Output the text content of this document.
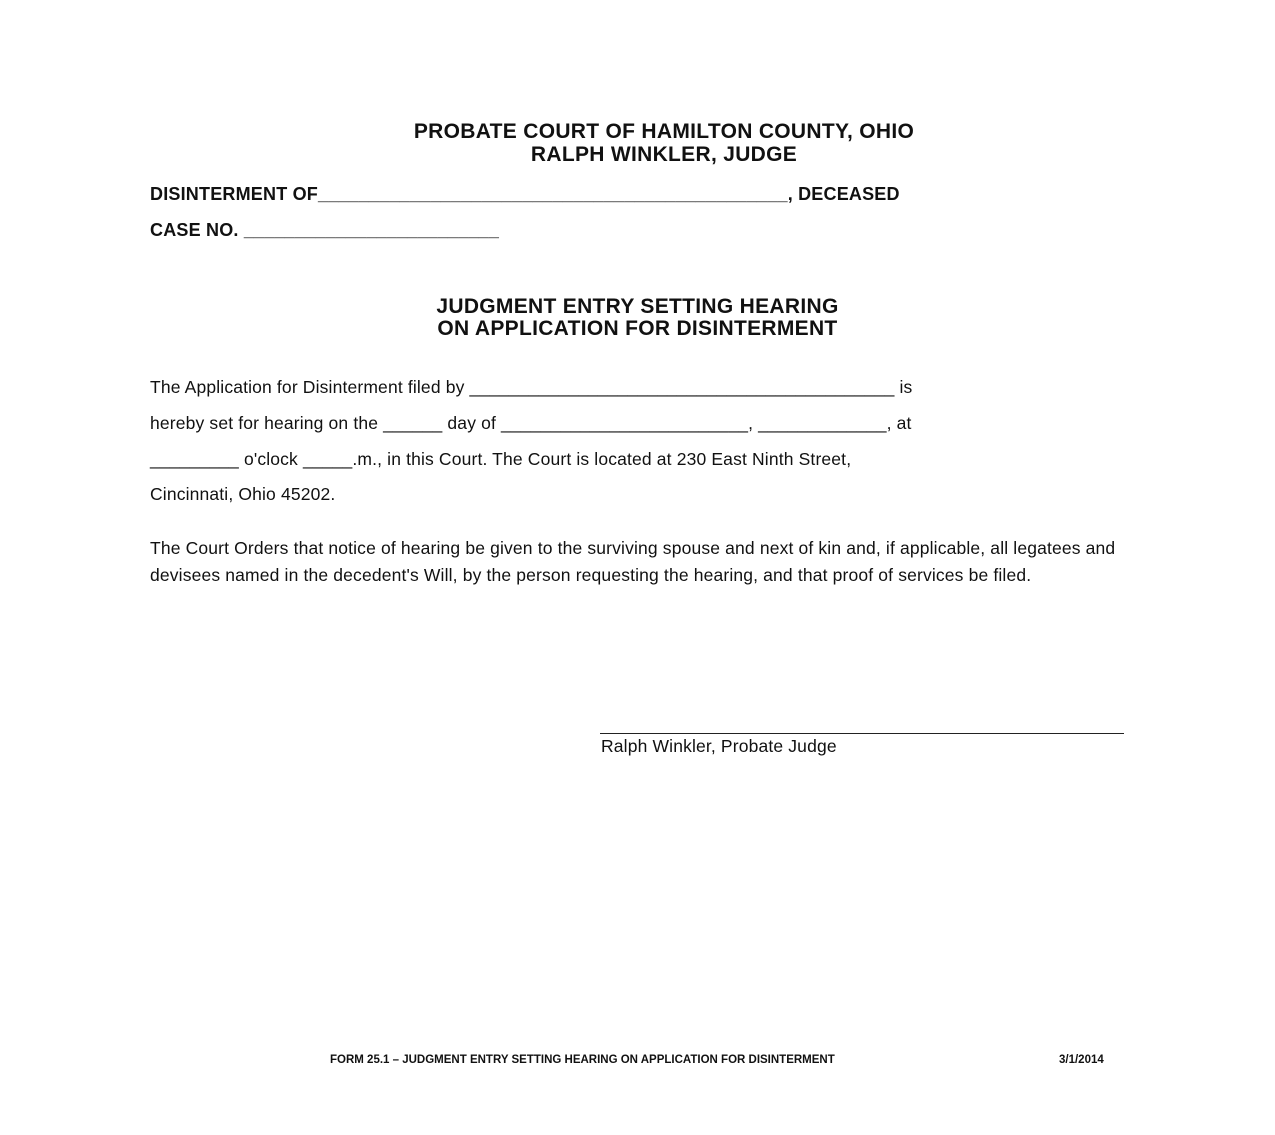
PROBATE COURT OF HAMILTON COUNTY, OHIO
RALPH WINKLER, JUDGE
DISINTERMENT OF______________________________________________, DECEASED
CASE NO. _________________________
JUDGMENT ENTRY SETTING HEARING
ON APPLICATION FOR DISINTERMENT
The Application for Disinterment filed by ___________________________________________ is
hereby set for hearing on the ______ day of _________________________, _____________, at
_________ o'clock _____.m., in this Court. The Court is located at 230 East Ninth Street,
Cincinnati, Ohio 45202.
The Court Orders that notice of hearing be given to the surviving spouse and next of kin and, if applicable, all legatees and devisees named in the decedent's Will, by the person requesting the hearing, and that proof of services be filed.
Ralph Winkler, Probate Judge
FORM 25.1 – JUDGMENT ENTRY SETTING HEARING ON APPLICATION FOR DISINTERMENT	3/1/2014
